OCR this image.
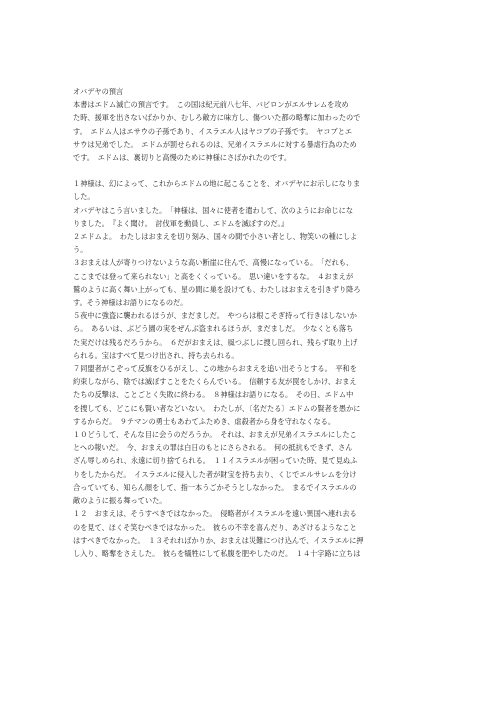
オバデヤの預言
本書はエドム滅亡の預言です。　この国は紀元前八七年、バビロンがエルサレムを攻め
た時、援軍を出さないばかりか、むしろ敵方に味方し、傷ついた都の略奪に加わったので
す。　エドム人はエサウの子孫であり、イスラエル人はヤコブの子孫です。　ヤコブとエ
サウは兄弟でした。　エドムが罰せられるのは、兄弟イスラエルに対する暴虐行為のため
です。　エドムは、裏切りと高慢のために神様にさばかれたのです。
１神様は、幻によって、これからエドムの地に起こることを、オバデヤにお示しになりま
した。
オバデヤはこう言いました。　「神様は、国々に使者を遣わして、次のようにお命じにな
りました。　『よく聞け。　討伐軍を動員し、エドムを滅ぼすのだ。』
２エドムよ。　わたしはおまえを切り刻み、国々の間で小さい者とし、物笑いの種にしよ
う。
３おまえは人が寄りつけないような高い断崖に住んで、高慢になっている。　「だれも、
ここまでは登って来られない」と高をくくっている。　思い違いをするな。　４おまえが
鷲のように高く舞い上がっても、星の間に巣を設けても、わたしはおまえを引きずり降ろ
す。そう神様はお語りになるのだ。
５夜中に強盗に襲われるほうが、まだましだ。　やつらは根こそぎ持って行きはしないか
ら。　あるいは、ぶどう園の実をぜんぶ盗まれるほうが、まだましだ。　少なくとも落ち
た実だけは残るだろうから。　６だがおまえは、風つぶしに捜し回られ、残らず取り上げ
られる。宝はすべて見つけ出され、持ち去られる。
７同盟者がこぞって反旗をひるがえし、この地からおまえを追い出そうとする。　平和を
約束しながら、陰では滅ぼすことをたくらんでいる。　信頼する友が罠をしかけ、おまえ
たちの反撃は、ことごとく失敗に終わる。　８神様はお語りになる。　その日、エドム中
を捜しても、どこにも賢い者などいない。　わたしが、〔名だたる〕エドムの賢者を愚かに
するからだ。　９テマンの勇士もあわてふためき、虐殺者から身を守れなくなる。
１０どうして、そんな目に会うのだろうか。　それは、おまえが兄弟イスラエルにしたこ
とへの報いだ。　今、おまえの罪は白日のもとにさらされる。　何の抵抗もできず、さん
ざん辱しめられ、永遠に切り捨てられる。　１１イスラエルが困っていた時、見て見ぬふ
りをしたからだ。　イスラエルに侵入した者が財宝を持ち去り、くじでエルサレムを分け
合っていても、知らん顔をして、指一本うごかそうとしなかった。　まるでイスラエルの
敵のように振る舞っていた。
１２　おまえは、そうすべきではなかった。　侵略者がイスラエルを遠い異国へ連れ去る
のを見て、ほくそ笑むべきではなかった。　彼らの不幸を喜んだり、あざけるようなこと
はすべきでなかった。　１３それればかりか、おまえは災難につけ込んで、イスラエルに押
し入り、略奪をさえした。　彼らを犠牲にして私腹を肥やしたのだ。　１４十字路に立ちは
